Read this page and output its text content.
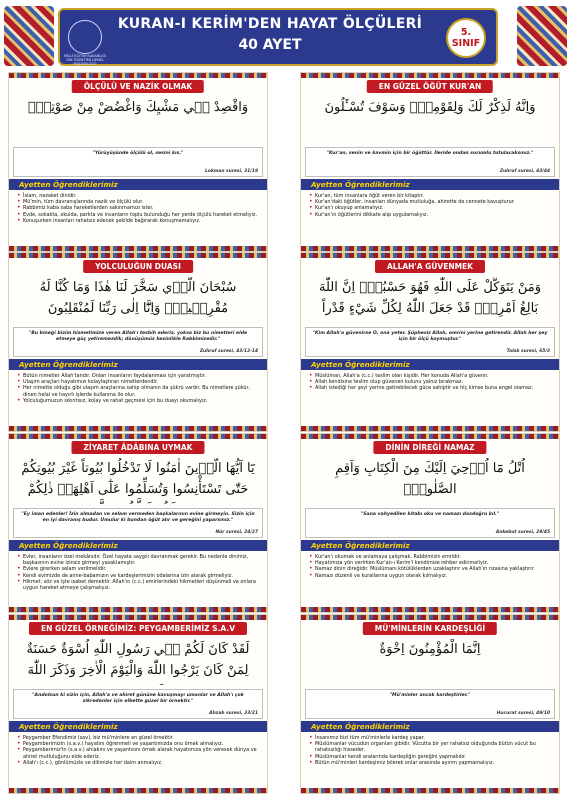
MİLLÎ EĞİTİM BAKANLIĞI DİN ÖĞRETİMİ GENEL MÜDÜRLÜĞÜ
KURAN-I KERİM'DEN HAYAT ÖLÇÜLERİ
40 AYET
5. SINIF
ÖLÇÜLÜ VE NAZİK OLMAK
وَاقْصِدْ ف۪ي مَشْيِكَ وَاغْضُضْ مِنْ صَوْتِكَۜ
"Yürüyüşünde ölçülü ol, sesini kıs."
Lokman suresi, 31/19
Ayetten Öğrendiklerimiz
• İslam, nezaket dinidir.
• Mü'min, tüm davranışlarında nazik ve ölçülü olur.
• Rabbimiz kaba saba hareketlerden sakınmamızı ister.
• Evde, sokakta, okulda, parkta ve insanların toplu bulunduğu her yerde ölçülü hareket etmeliyiz.
• Konuşurken insanları rahatsız edecek şekilde bağırarak konuşmamalıyız.
EN GÜZEL ÖĞÜT KUR'AN
وَاِنَّهُ لَذِكْرٌ لَكَ وَلِقَوْمِكَۚ وَسَوْفَ تُسْـَٔلُونَ
"Kur'an, senin ve kavmin için bir öğüttür. İleride ondan sorumlu tutulacaksınız."
Zuhruf suresi, 43/44
Ayetten Öğrendiklerimiz
• Kur'an, tüm insanlara öğüt veren bir kitaptır.
• Kur'an'daki öğütler, insanları dünyada mutluluğa, ahirette de cennete kavuşturur.
• Kur'an'ı okuyup anlamalıyız.
• Kur'an'ın öğütlerini dikkate alıp uygulamalıyız.
YOLCULUĞUN DUASI
سُبْحَانَ الَّذ۪ي سَخَّرَ لَنَا هٰذَا وَمَا كُنَّا لَهُ مُقْرِن۪ينَۙ وَاِنَّٓا اِلٰى رَبِّنَا لَمُنْقَلِبُونَ
"Bu bineği bizim hizmetimize veren Allah'ı tesbih ederiz, yoksa biz bu nimetleri elde etmeye güç yetiremezdik; dönüşümüz kesinlikle Rabbimizedir."
Zuhruf suresi, 43/13-14
Ayetten Öğrendiklerimiz
• Bütün nimetler Allah'tandır. Onları insanların faydalanması için yaratmıştır.
• Ulaşım araçları hayatımızı kolaylaştıran nimetlerdendir.
• Her nimette olduğu gibi ulaşım araçlarına sahip olmanın da şükrü vardır. Bu nimetlere şükür, dinen helal ve hayırlı işlerde kullanma ile olur.
• Yolculuğumuzun sıkıntısız, kolay ve rahat geçmesi için bu duayı okumalıyız.
ALLAH'A GÜVENMEK
وَمَنْ يَتَوَكَّلْ عَلَى اللّٰهِ فَهُوَ حَسْبُهُۜ اِنَّ اللّٰهَ بَالِغُ اَمْرِه۪ۜ قَدْ جَعَلَ اللّٰهُ لِكُلِّ شَيْءٍ قَدْراً
"Kim Allah'a güvenirse O, ona yeter. Şüphesiz Allah, emrini yerine getirendir. Allah her şey için bir ölçü koymuştur."
Talak suresi, 65/3
Ayetten Öğrendiklerimiz
• Müslüman, Allah'a (c.c.) teslim olan kişidir. Her konuda Allah'a güvenir.
• Allah kendisine teslim olup güvenen kulunu yalnız bırakmaz.
• Allah istediği her şeyi yerine getirebilecek güce sahiptir ve hiç kimse buna engel olamaz.
ZİYARET ÂDÂBINA UYMAK
يَٓا اَيُّهَا الَّذ۪ينَ اٰمَنُوا لَا تَدْخُلُوا بُيُوتاً غَيْرَ بُيُوتِكُمْ حَتّٰى تَسْتَأْنِسُوا وَتُسَلِّمُوا عَلٰٓى اَهْلِهَاۜ ذٰلِكُمْ
"Ey iman edenler! İzin almadan ve selam vermeden başkalarının evine girmeyin. Sizin için en iyi davranış budur. Umulur ki bundan öğüt alır ve gereğini yaparsınız."
Nûr suresi, 24/27
Ayetten Öğrendiklerimiz
• Evler, insanların özel mekânıdır. Özel hayata saygılı davranmak gerekir. Bu nedenle dinimiz, başkasının evine izinsiz girmeyi yasaklamıştır.
• Evlere girerken selam verilmelidir.
• Kendi evimizde de anne-babamızın ve kardeşlerimizin odalarına izin alarak girmeliyiz.
• Hikmet: söz ve işte isabet demektir. Allah'ın (c.c.) emirlerindeki hikmetleri düşünmeli ve onlara uygun hareket etmeye çalışmalıyız.
DİNİN DİREĞİ NAMAZ
اُتْلُ مَٓا اُو۫حِيَ اِلَيْكَ مِنَ الْكِتَابِ وَاَقِمِ الصَّلٰوةَۜ
"Sana vahyedilen kitabı oku ve namazı dosdoğru kıl."
Ankebut suresi, 29/45
Ayetten Öğrendiklerimiz
• Kur'an'ı okumak ve anlamaya çalışmak, Rabbimizin emridir.
• Hayatımıza yön verirken Kur'an-ı Kerim'i kendimize rehber edinmeliyiz.
• Namaz dinin direğidir. Müslümanı kötülüklerden uzaklaştırır ve Allah'ın rızasına yaklaştırır.
• Namazı düzenli ve kurallarına uygun olarak kılmalıyız.
EN GÜZEL ÖRNEĞİMİZ: PEYGAMBERİMİZ S.A.V
لَقَدْ كَانَ لَكُمْ ف۪ي رَسُولِ اللّٰهِ اُسْوَةٌ حَسَنَةٌ لِمَنْ كَانَ يَرْجُوا اللّٰهَ وَالْيَوْمَ الْاٰخِرَ وَذَكَرَ اللّٰهَ
"Andolsun ki sizin için, Allah'a ve ahiret gününe kavuşmayı umanlar ve Allah'ı çok zikredenler için elbette güzel bir örnektir."
Ahzab suresi, 33/21
Ayetten Öğrendiklerimiz
• Peygamber Efendimiz (sav), biz mü'minlere en güzel örnektir.
• Peygamberimizin (s.a.v.) hayatını öğrenmeli ve yaşantımızda onu örnek almalıyız.
• Peygamberimiz'in (s.a.v.) ahlakını ve yaşantısını örnek alarak hayatımıza yön veresek dünya ve ahiret mutluluğunu elde ederiz.
• Allah'ı (c.c.), gönlümüzle ve dilimizle her daim anmalıyız.
MÜ'MİNLERİN KARDEŞLİĞİ
اِنَّمَا الْمُؤْمِنُونَ اِخْوَةٌ
"Mü'minler ancak kardeştirler."
Hucurat suresi, 49/10
Ayetten Öğrendiklerimiz
• İnsanımız bizi tüm mü'minlerle kardeş yapar.
• Müslümanlar vücudun organları gibidir. Vücutta bir yer rahatsız olduğunda bütün vücut bu rahatsızlığı hisseder.
• Müslümanlar kendi aralarında kardeşliğin gereğini yapmalıdır.
• Bütün mü'minleri kardeşimiz bilerek onlar arasında ayırım yapmamalıyız.
